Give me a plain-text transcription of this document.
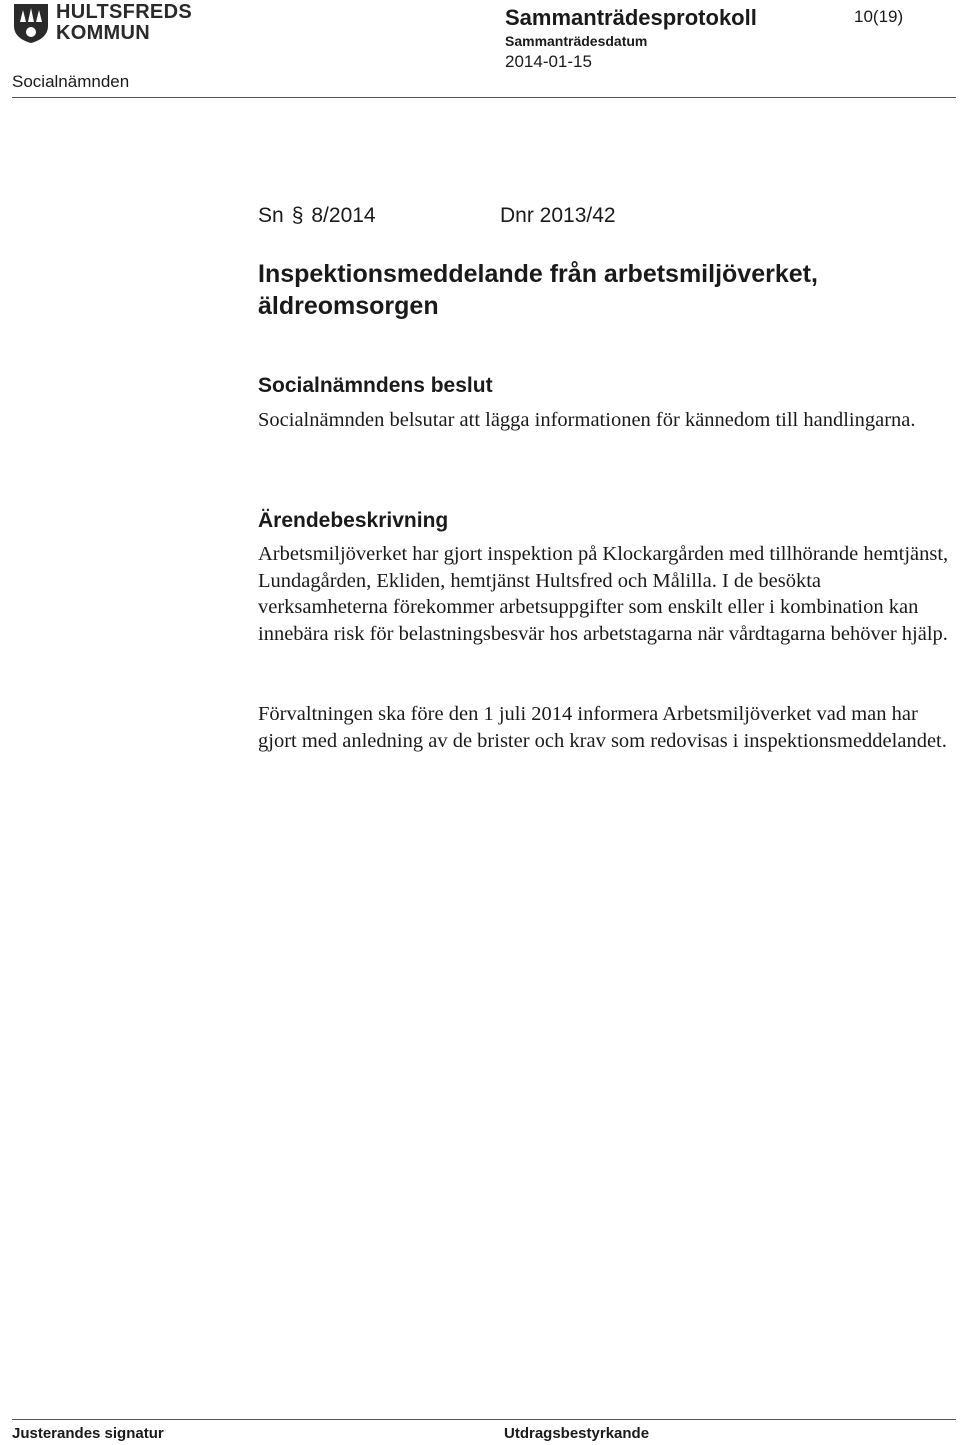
HULTSFREDS
KOMMUN
Sammanträdesprotokoll	10(19)
Sammanträdesdatum
2014-01-15
Socialnämnden
Sn § 8/2014	Dnr 2013/42
Inspektionsmeddelande från arbetsmiljöverket, äldreomsorgen
Socialnämndens beslut

Socialnämnden belsutar att lägga informationen för kännedom till handlingarna.

Ärendebeskrivning

Arbetsmiljöverket har gjort inspektion på Klockargården med tillhörande hemtjänst, Lundagården, Ekliden, hemtjänst Hultsfred och Målilla. I de besökta verksamheterna förekommer arbetsuppgifter som enskilt eller i kombination kan innebära risk för belastningsbesvär hos arbetstagarna när vårdtagarna behöver hjälp.

Förvaltningen ska före den 1 juli 2014 informera Arbetsmiljöverket vad man har gjort med anledning av de brister och krav som redovisas i inspektionsmeddelandet.

Justerandes signatur	Utdragsbestyrkande
